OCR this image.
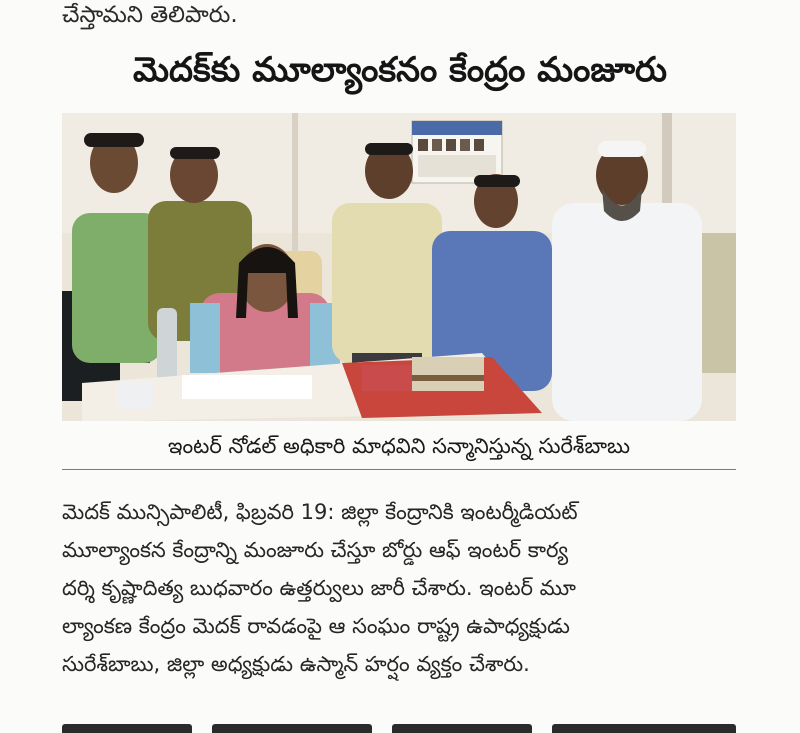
చేస్తామని తెలిపారు.
మెదక్‌కు మూల్యాంకనం కేంద్రం మంజూరు
ఇంటర్ నోడల్ అధికారి మాధవిని సన్మానిస్తున్న సురేశ్‌బాబు
మెదక్ మున్సిపాలిటీ, ఫిబ్రవరి 19: జిల్లా కేంద్రానికి ఇంటర్మీడియట్
మూల్యాంకన కేంద్రాన్ని మంజూరు చేస్తూ బోర్డు ఆఫ్ ఇంటర్ కార్య
దర్శి కృష్ణాదిత్య బుధవారం ఉత్తర్వులు జారీ చేశారు. ఇంటర్ మూ
ల్యాంకణ కేంద్రం మెదక్ రావడంపై ఆ సంఘం రాష్ట్ర ఉపాధ్యక్షుడు
సురేశ్‌బాబు, జిల్లా అధ్యక్షుడు ఉస్మాన్ హర్షం వ్యక్తం చేశారు.
